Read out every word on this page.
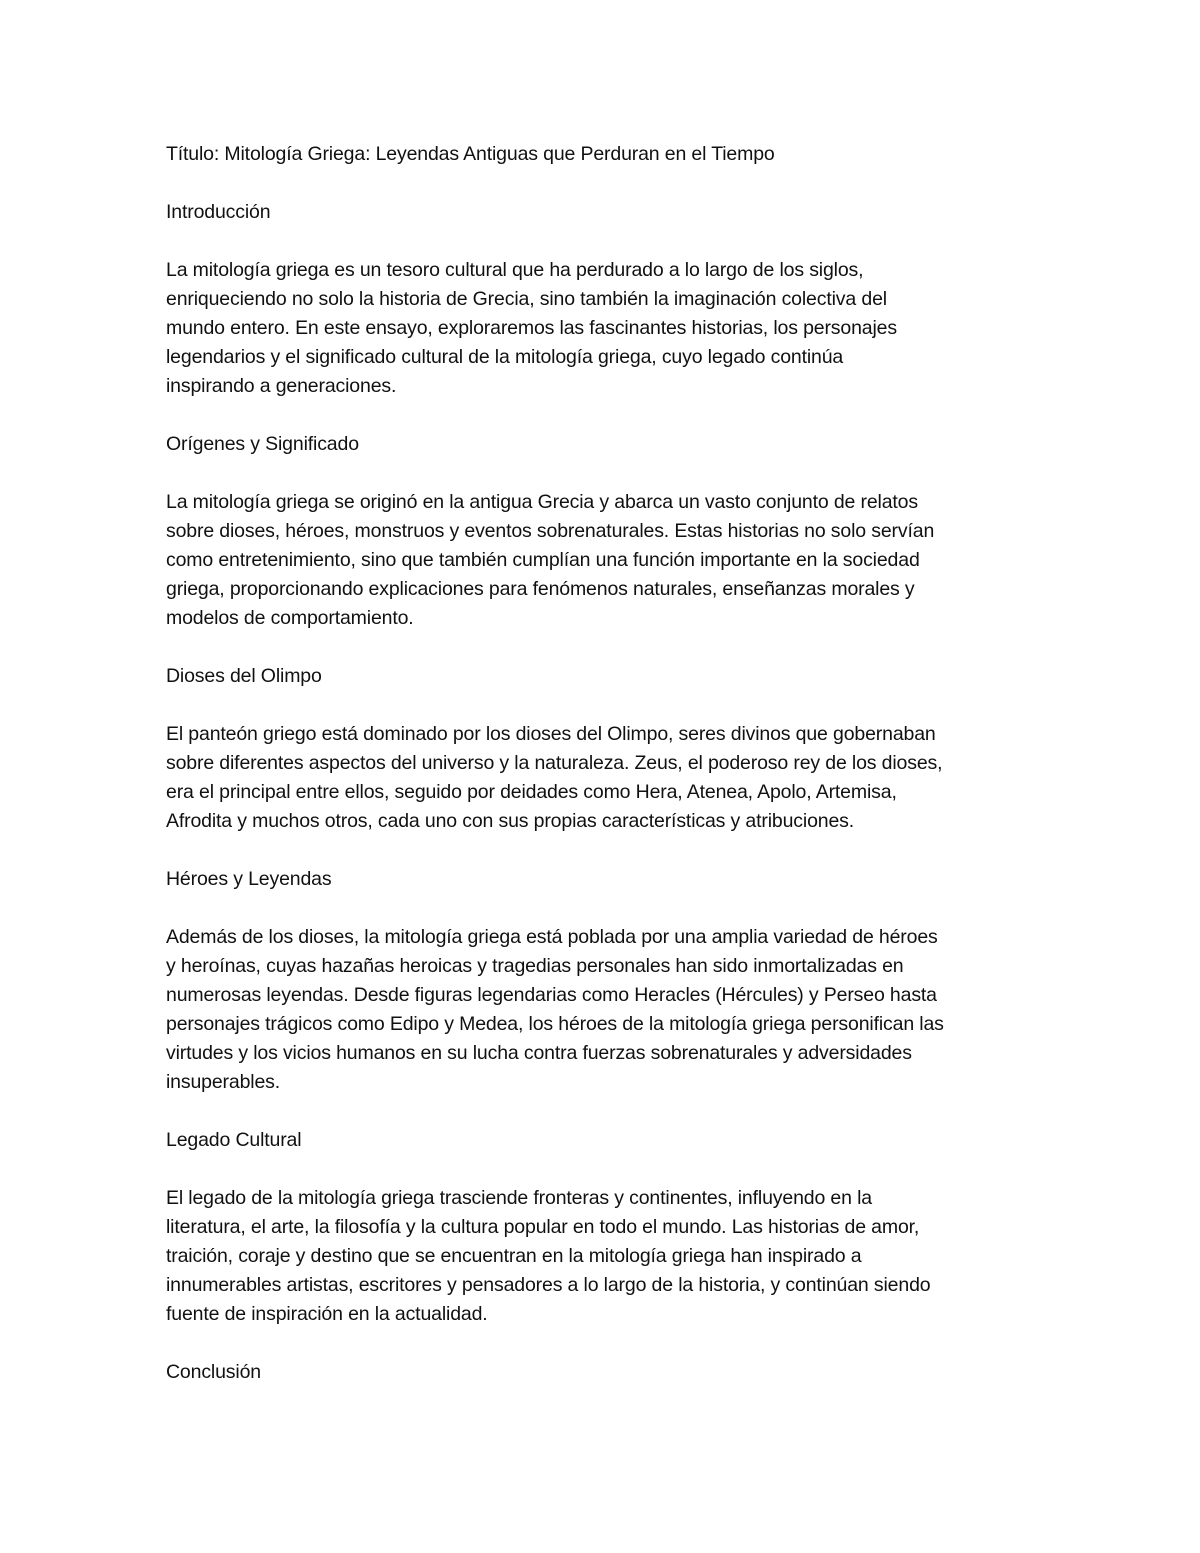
Título: Mitología Griega: Leyendas Antiguas que Perduran en el Tiempo
Introducción
La mitología griega es un tesoro cultural que ha perdurado a lo largo de los siglos,
enriqueciendo no solo la historia de Grecia, sino también la imaginación colectiva del
mundo entero. En este ensayo, exploraremos las fascinantes historias, los personajes
legendarios y el significado cultural de la mitología griega, cuyo legado continúa
inspirando a generaciones.
Orígenes y Significado
La mitología griega se originó en la antigua Grecia y abarca un vasto conjunto de relatos
sobre dioses, héroes, monstruos y eventos sobrenaturales. Estas historias no solo servían
como entretenimiento, sino que también cumplían una función importante en la sociedad
griega, proporcionando explicaciones para fenómenos naturales, enseñanzas morales y
modelos de comportamiento.
Dioses del Olimpo
El panteón griego está dominado por los dioses del Olimpo, seres divinos que gobernaban
sobre diferentes aspectos del universo y la naturaleza. Zeus, el poderoso rey de los dioses,
era el principal entre ellos, seguido por deidades como Hera, Atenea, Apolo, Artemisa,
Afrodita y muchos otros, cada uno con sus propias características y atribuciones.
Héroes y Leyendas
Además de los dioses, la mitología griega está poblada por una amplia variedad de héroes
y heroínas, cuyas hazañas heroicas y tragedias personales han sido inmortalizadas en
numerosas leyendas. Desde figuras legendarias como Heracles (Hércules) y Perseo hasta
personajes trágicos como Edipo y Medea, los héroes de la mitología griega personifican las
virtudes y los vicios humanos en su lucha contra fuerzas sobrenaturales y adversidades
insuperables.
Legado Cultural
El legado de la mitología griega trasciende fronteras y continentes, influyendo en la
literatura, el arte, la filosofía y la cultura popular en todo el mundo. Las historias de amor,
traición, coraje y destino que se encuentran en la mitología griega han inspirado a
innumerables artistas, escritores y pensadores a lo largo de la historia, y continúan siendo
fuente de inspiración en la actualidad.
Conclusión
